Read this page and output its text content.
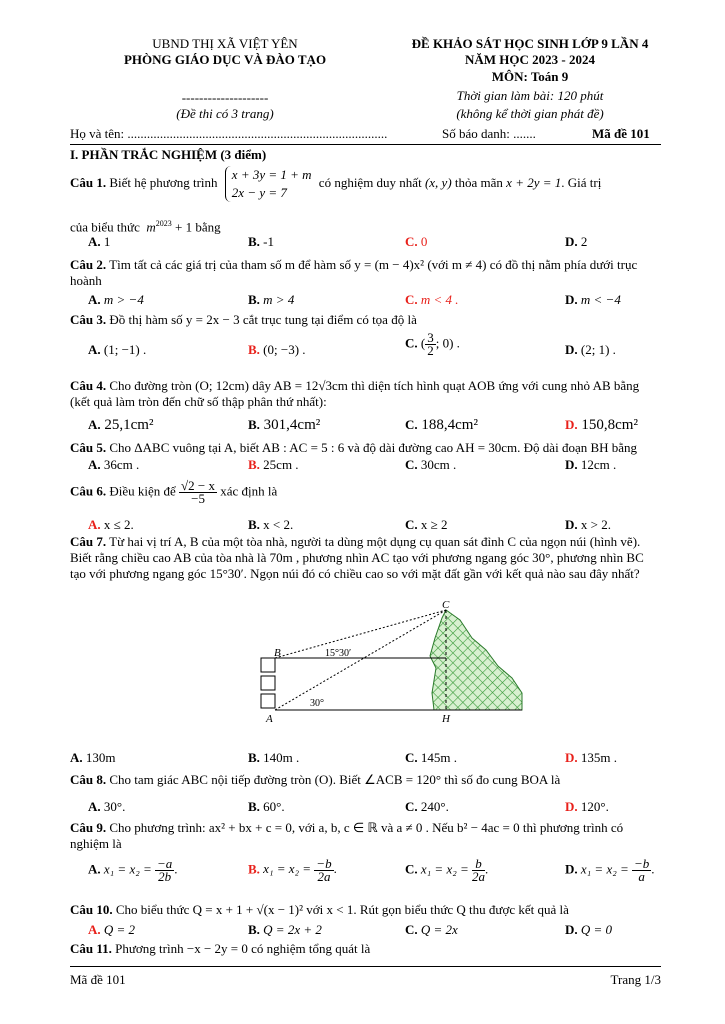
UBND THỊ XÃ VIỆT YÊN
PHÒNG GIÁO DỤC VÀ ĐÀO TẠO
--------------------
(Đề thi có 3 trang)
ĐỀ KHẢO SÁT HỌC SINH LỚP 9 LẦN 4
NĂM HỌC 2023 - 2024
MÔN: Toán 9
Thời gian làm bài: 120 phút
(không kể thời gian phát đề)
Họ và tên: ................................................................................	Số báo danh: .......	Mã đề 101
I. PHẦN TRẮC NGHIỆM (3 điểm)
Câu 1. Biết hệ phương trình x + 3y = 1 + m
2x − y = 7 có nghiệm duy nhất (x, y) thỏa mãn x + 2y = 1. Giá trị
của biểu thức $m^{2023} + 1$ bằng
A. 1	B. -1	C. 0	D. 2
Câu 2. Tìm tất cả các giá trị của tham số m để hàm số y = (m − 4)x² (với m ≠ 4) có đồ thị nằm phía dưới trục hoành
A. m > −4	B. m > 4	C. m < 4 .	D. m < −4
Câu 3. Đồ thị hàm số y = 2x − 3 cắt trục tung tại điểm có tọa độ là
A. (1; −1) .	B. (0; −3) .	C. ( $\frac{3}{2}$ ; 0) .	D. (2; 1) .
Câu 4. Cho đường tròn (O; 12cm) dây AB = 12√3cm thì diện tích hình quạt AOB ứng với cung nhỏ AB bằng (kết quả làm tròn đến chữ số thập phân thứ nhất):
A. 25,1cm²	B. 301,4cm²	C. 188,4cm²	D. 150,8cm²
Câu 5. Cho ΔABC vuông tại A, biết AB : AC = 5 : 6 và độ dài đường cao AH = 30cm. Độ dài đoạn BH bằng
A. 36cm .	B. 25cm .	C. 30cm .	D. 12cm .
Câu 6. Điều kiện để $\frac{√2 - x}{-5}$ xác định là
A. x ≤ 2.	B. x < 2.	C. x ≥ 2	D. x > 2.
Câu 7. Từ hai vị trí A, B của một tòa nhà, người ta dùng một dụng cụ quan sát đỉnh C của ngọn núi (hình vẽ). Biết rằng chiều cao AB của tòa nhà là 70m , phương nhìn AC tạo với phương ngang góc 30°, phương nhìn BC tạo với phương ngang góc 15°30′. Ngọn núi đó có chiều cao so với mặt đất gần với kết quả nào sau đây nhất?
B
A
C
H
15°30′
30°
A. 130m	B. 140m .	C. 145m .	D. 135m .
Câu 8. Cho tam giác ABC nội tiếp đường tròn (O). Biết ∠ACB = 120° thì số đo cung BOA là
A. 30°.	B. 60°.	C. 240°.	D. 120°.
Câu 9. Cho phương trình: ax² + bx + c = 0, với a, b, c ∈ ℝ và a ≠ 0 . Nếu b² − 4ac = 0 thì phương trình có nghiệm là
A. $x_1 = x_2 = \frac{-a}{2b}$ .	B. $x_1 = x_2 = \frac{-b}{2a}$ .	C. $x_1 = x_2 = \frac{b}{2a}$ .	D. $x_1 = x_2 = \frac{-b}{a}$ .
Câu 10. Cho biểu thức Q = x + 1 + √(x − 1)² với x < 1. Rút gọn biểu thức Q thu được kết quả là
A. Q = 2	B. Q = 2x + 2	C. Q = 2x	D. Q = 0
Câu 11. Phương trình −x − 2y = 0 có nghiệm tổng quát là
Mã đề 101	Trang 1/3
